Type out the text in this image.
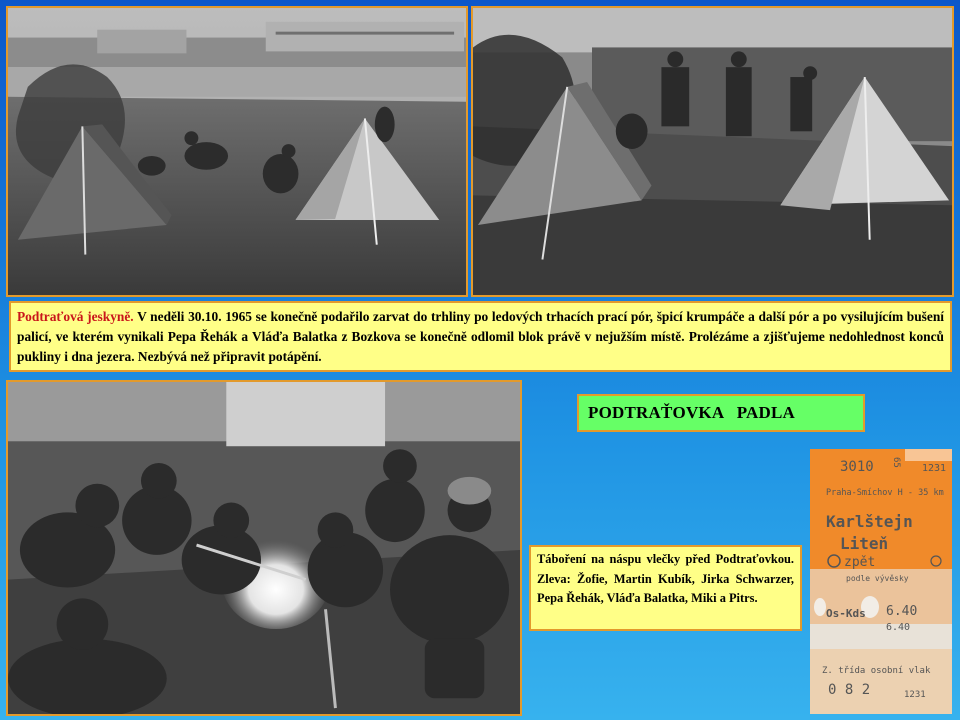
Podtraťová jeskyně. V neděli 30.10. 1965 se konečně podařilo zarvat do trhliny po ledových trhacích prací pór, špicí krumpáče a další pór a po vysilujícím bušení palicí, ve kterém vynikali Pepa Řehák a Vláďa Balatka z Bozkova se konečně odlomil blok právě v nejužším místě. Prolézáme a zjišťujeme nedohlednost konců pukliny i dna jezera. Nezbývá než připravit potápění.
PODTRAŤOVKA   PADLA
Táboření na náspu vlečky před Podtraťovkou. Zleva: Žofie, Martin Kubík, Jirka Schwarzer, Pepa Řehák, Vláďa Balatka, Miki a Pitrs.
3010 65
1231
Praha-Smíchov H - 35 km
Karlštejn
Liteň
zpět
podle vývěsky
Os-Kds 6.40
6.40
Z. třída osobní vlak
0 8 2	1231
